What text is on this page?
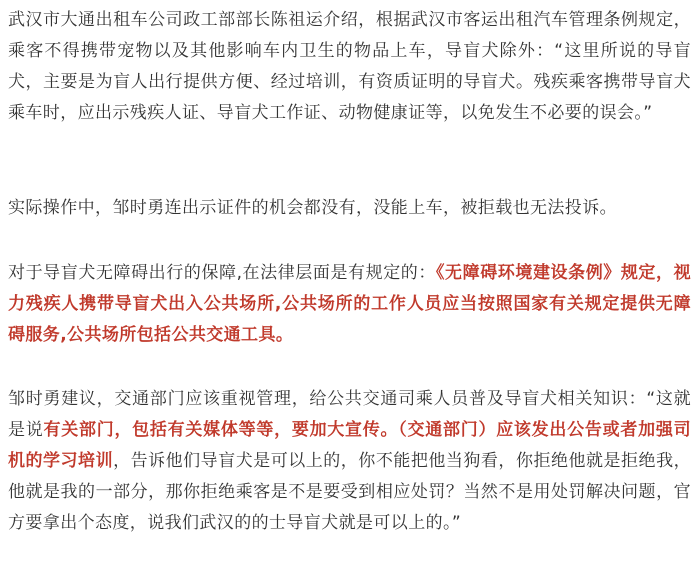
武汉市大通出租车公司政工部部长陈祖运介绍，根据武汉市客运出租汽车管理条例规定，乘客不得携带宠物以及其他影响车内卫生的物品上车，导盲犬除外：“这里所说的导盲犬，主要是为盲人出行提供方便、经过培训，有资质证明的导盲犬。残疾乘客携带导盲犬乘车时，应出示残疾人证、导盲犬工作证、动物健康证等，以免发生不必要的误会。”

实际操作中，邹时勇连出示证件的机会都没有，没能上车，被拒载也无法投诉。

对于导盲犬无障碍出行的保障,在法律层面是有规定的：《无障碍环境建设条例》规定，视力残疾人携带导盲犬出入公共场所,公共场所的工作人员应当按照国家有关规定提供无障碍服务,公共场所包括公共交通工具。

邹时勇建议，交通部门应该重视管理，给公共交通司乘人员普及导盲犬相关知识：“这就是说有关部门，包括有关媒体等等，要加大宣传。（交通部门）应该发出公告或者加强司机的学习培训，告诉他们导盲犬是可以上的，你不能把他当狗看，你拒绝他就是拒绝我，他就是我的一部分，那你拒绝乘客是不是要受到相应处罚？当然不是用处罚解决问题，官方要拿出个态度，说我们武汉的的士导盲犬就是可以上的。”
